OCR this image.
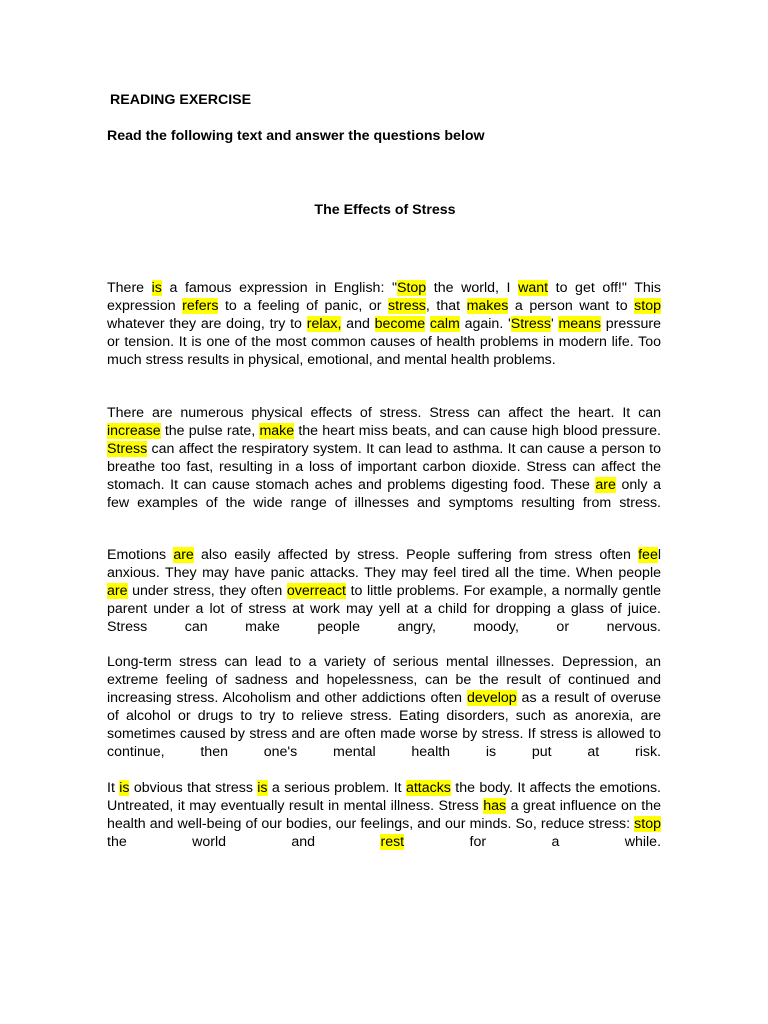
READING EXERCISE
Read the following text and answer the questions below
The Effects of Stress
There is a famous expression in English: "Stop the world, I want to get off!" This expression refers to a feeling of panic, or stress, that makes a person want to stop whatever they are doing, try to relax, and become calm again. 'Stress' means pressure or tension. It is one of the most common causes of health problems in modern life. Too much stress results in physical, emotional, and mental health problems.
There are numerous physical effects of stress. Stress can affect the heart. It can increase the pulse rate, make the heart miss beats, and can cause high blood pressure. Stress can affect the respiratory system. It can lead to asthma. It can cause a person to breathe too fast, resulting in a loss of important carbon dioxide. Stress can affect the stomach. It can cause stomach aches and problems digesting food. These are only a few examples of the wide range of illnesses and symptoms resulting from stress.
Emotions are also easily affected by stress. People suffering from stress often feel anxious. They may have panic attacks. They may feel tired all the time. When people are under stress, they often overreact to little problems. For example, a normally gentle parent under a lot of stress at work may yell at a child for dropping a glass of juice. Stress can make people angry, moody, or nervous.
Long-term stress can lead to a variety of serious mental illnesses. Depression, an extreme feeling of sadness and hopelessness, can be the result of continued and increasing stress. Alcoholism and other addictions often develop as a result of overuse of alcohol or drugs to try to relieve stress. Eating disorders, such as anorexia, are sometimes caused by stress and are often made worse by stress. If stress is allowed to continue, then one's mental health is put at risk.
It is obvious that stress is a serious problem. It attacks the body. It affects the emotions. Untreated, it may eventually result in mental illness. Stress has a great influence on the health and well-being of our bodies, our feelings, and our minds. So, reduce stress: stop the world and rest for a while.
